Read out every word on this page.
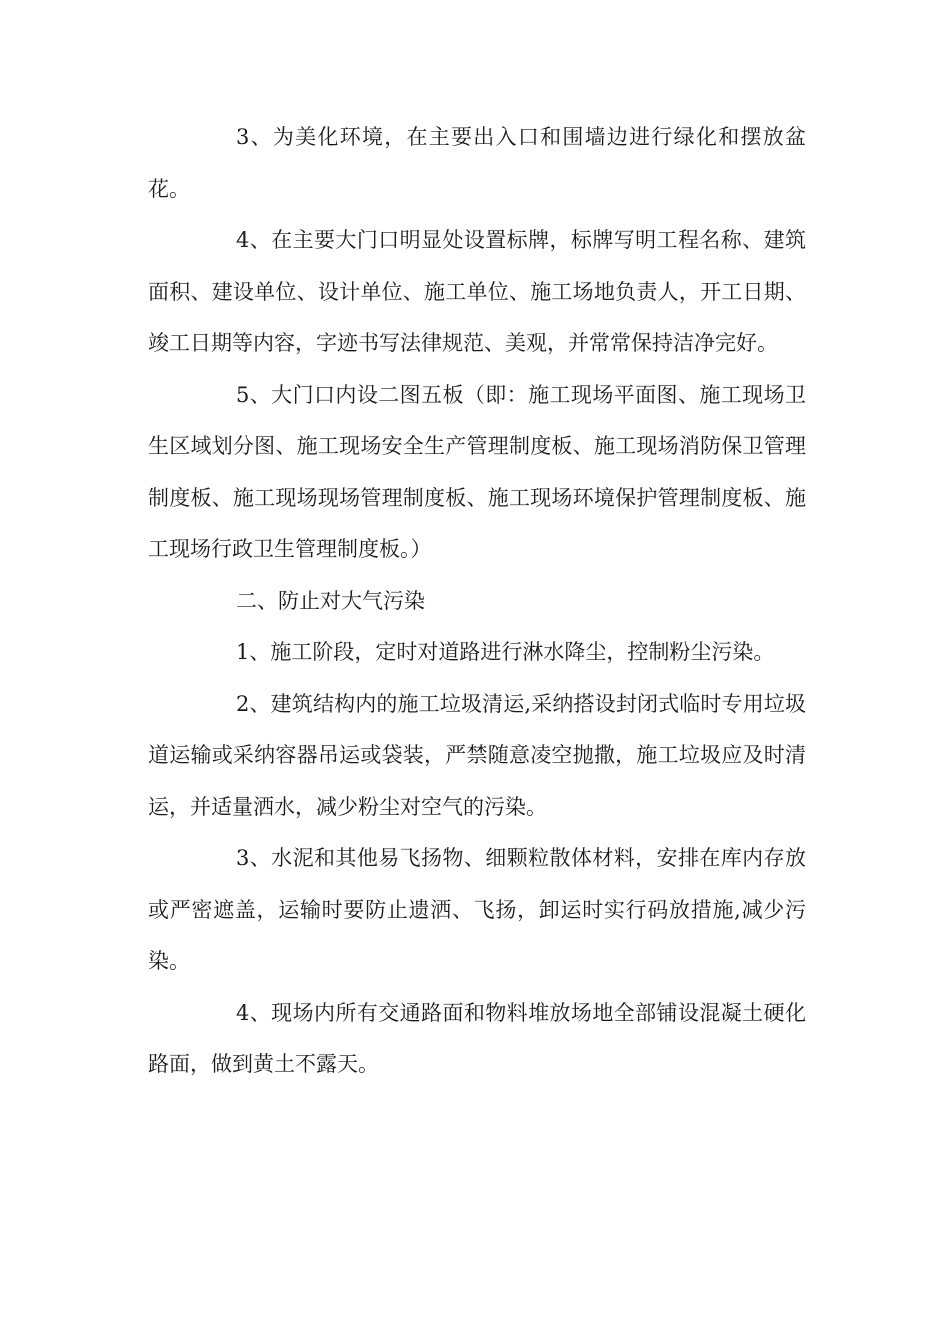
3、为美化环境，在主要出入口和围墙边进行绿化和摆放盆花。

4、在主要大门口明显处设置标牌，标牌写明工程名称、建筑面积、建设单位、设计单位、施工单位、施工场地负责人，开工日期、竣工日期等内容，字迹书写法律规范、美观，并常常保持洁净完好。

5、大门口内设二图五板（即：施工现场平面图、施工现场卫生区域划分图、施工现场安全生产管理制度板、施工现场消防保卫管理制度板、施工现场现场管理制度板、施工现场环境保护管理制度板、施工现场行政卫生管理制度板。）

二、防止对大气污染

1、施工阶段，定时对道路进行淋水降尘，控制粉尘污染。

2、建筑结构内的施工垃圾清运,采纳搭设封闭式临时专用垃圾道运输或采纳容器吊运或袋装，严禁随意凌空抛撒，施工垃圾应及时清运，并适量洒水，减少粉尘对空气的污染。

3、水泥和其他易飞扬物、细颗粒散体材料，安排在库内存放或严密遮盖，运输时要防止遗洒、飞扬，卸运时实行码放措施,减少污染。

4、现场内所有交通路面和物料堆放场地全部铺设混凝土硬化路面，做到黄土不露天。
